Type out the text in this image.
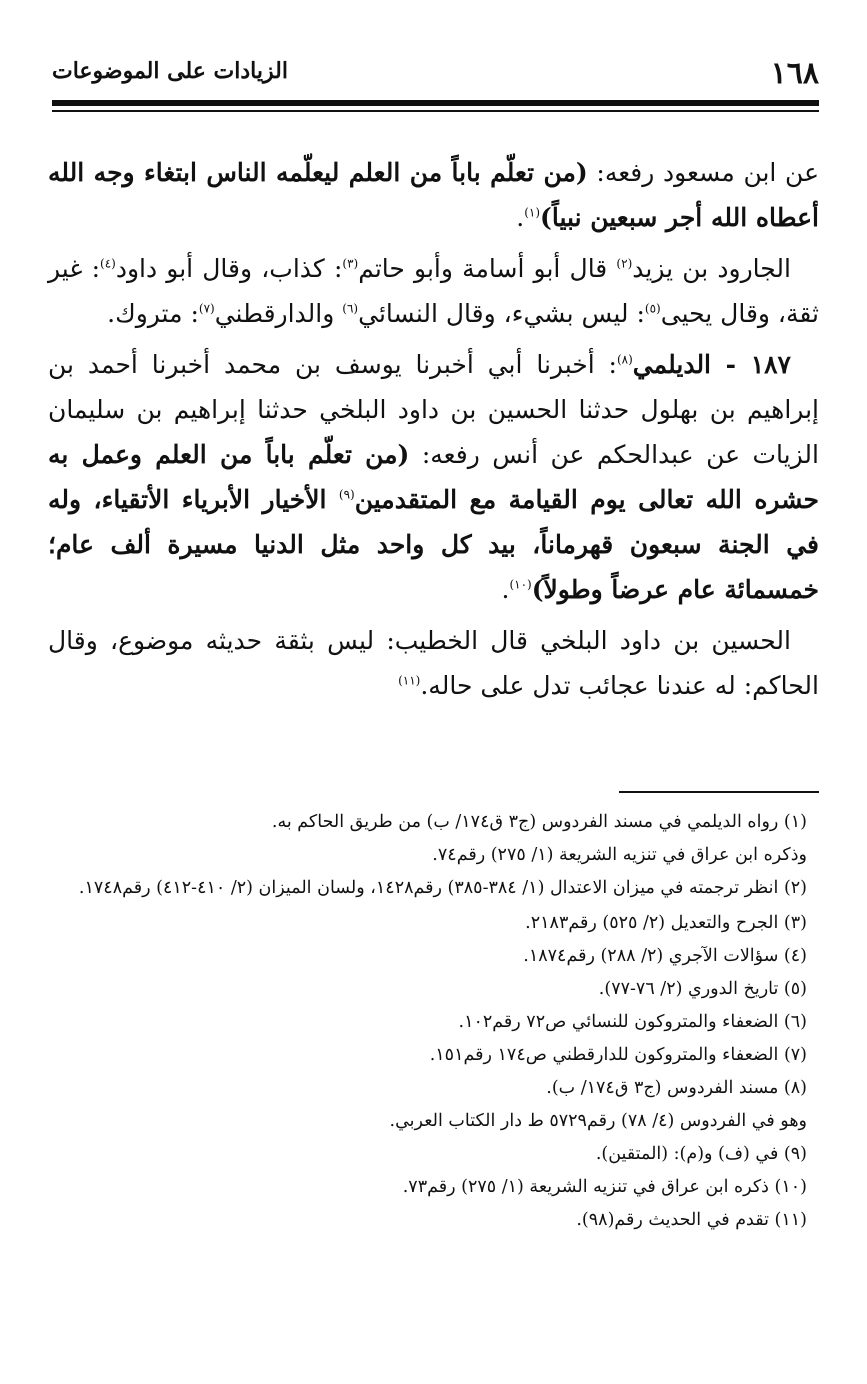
١٦٨
الزيادات على الموضوعات

عن ابن مسعود رفعه: (من تعلّم باباً من العلم ليعلّمه الناس ابتغاء وجه الله أعطاه الله أجر سبعين نبياً)$^{(١)}$.

الجارود بن يزيد$^{(٢)}$ قال أبو أسامة وأبو حاتم$^{(٣)}$: كذاب، وقال أبو داود$^{(٤)}$: غير ثقة، وقال يحيى$^{(٥)}$: ليس بشيء، وقال النسائي$^{(٦)}$ والدارقطني$^{(٧)}$: متروك.

١٨٧ - الديلمي$^{(٨)}$: أخبرنا أبي أخبرنا يوسف بن محمد أخبرنا أحمد بن إبراهيم بن بهلول حدثنا الحسين بن داود البلخي حدثنا إبراهيم بن سليمان الزيات عن عبدالحكم عن أنس رفعه: (من تعلّم باباً من العلم وعمل به حشره الله تعالى يوم القيامة مع المتقدمين$^{(٩)}$ الأخيار الأبرياء الأتقياء، وله في الجنة سبعون قهرماناً، بيد كل واحد مثل الدنيا مسيرة ألف عام؛ خمسمائة عام عرضاً وطولاً)$^{(١٠)}$.

الحسين بن داود البلخي قال الخطيب: ليس بثقة حديثه موضوع، وقال الحاكم: له عندنا عجائب تدل على حاله.$^{(١١)}$

(١) رواه الديلمي في مسند الفردوس (ج٣ ق١٧٤/ ب) من طريق الحاكم به.

وذكره ابن عراق في تنزيه الشريعة (١/ ٢٧٥) رقم٧٤.

(٢) انظر ترجمته في ميزان الاعتدال (١/ ٣٨٤-٣٨٥) رقم١٤٢٨، ولسان الميزان (٢/ ٤١٠-٤١٢) رقم١٧٤٨.

(٣) الجرح والتعديل (٢/ ٥٢٥) رقم٢١٨٣.

(٤) سؤالات الآجري (٢/ ٢٨٨) رقم١٨٧٤.

(٥) تاريخ الدوري (٢/ ٧٦-٧٧).

(٦) الضعفاء والمتروكون للنسائي ص٧٢ رقم١٠٢.

(٧) الضعفاء والمتروكون للدارقطني ص١٧٤ رقم١٥١.

(٨) مسند الفردوس (ج٣ ق١٧٤/ ب).

وهو في الفردوس (٤/ ٧٨) رقم٥٧٢٩ ط دار الكتاب العربي.

(٩) في (ف) و(م): (المتقين).

(١٠) ذكره ابن عراق في تنزيه الشريعة (١/ ٢٧٥) رقم٧٣.

(١١) تقدم في الحديث رقم(٩٨).
